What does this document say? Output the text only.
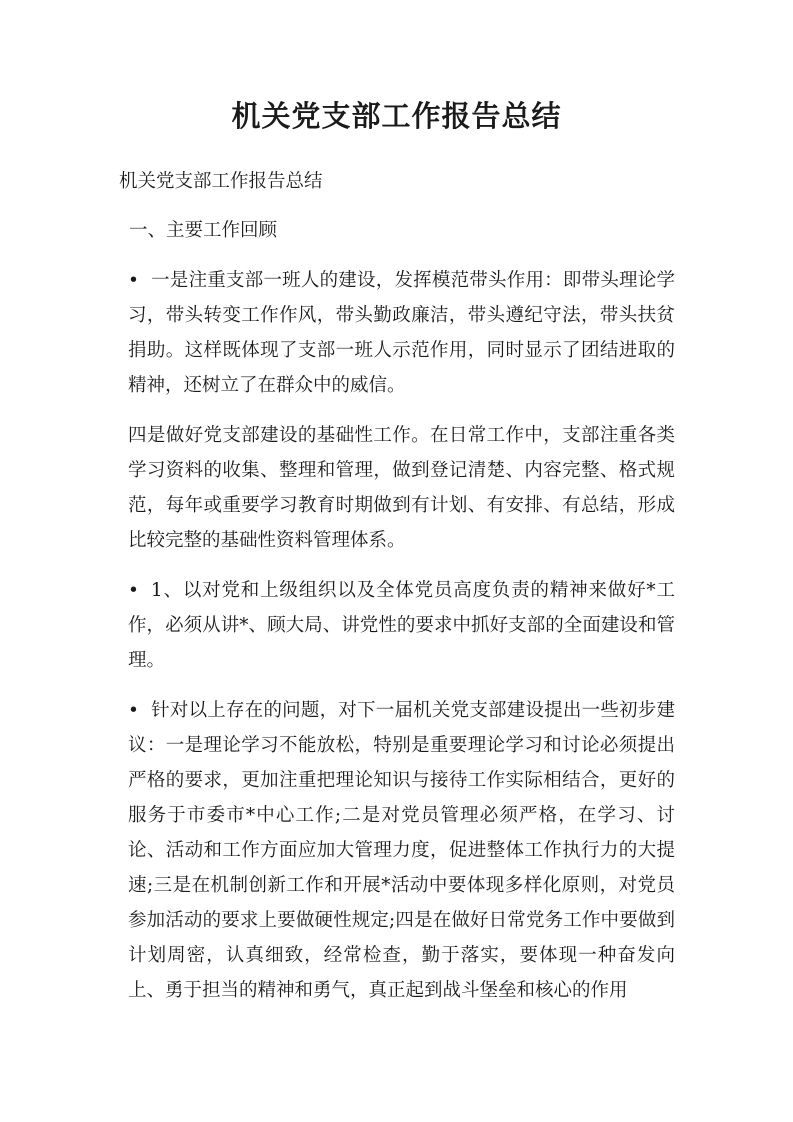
机关党支部工作报告总结

机关党支部工作报告总结

一、主要工作回顾

• 一是注重支部一班人的建设，发挥模范带头作用：即带头理论学习，带头转变工作作风，带头勤政廉洁，带头遵纪守法，带头扶贫捐助。这样既体现了支部一班人示范作用，同时显示了团结进取的精神，还树立了在群众中的威信。

四是做好党支部建设的基础性工作。在日常工作中，支部注重各类学习资料的收集、整理和管理，做到登记清楚、内容完整、格式规范，每年或重要学习教育时期做到有计划、有安排、有总结，形成比较完整的基础性资料管理体系。

• 1、以对党和上级组织以及全体党员高度负责的精神来做好*工作，必须从讲*、顾大局、讲党性的要求中抓好支部的全面建设和管理。

• 针对以上存在的问题，对下一届机关党支部建设提出一些初步建议：一是理论学习不能放松，特别是重要理论学习和讨论必须提出严格的要求，更加注重把理论知识与接待工作实际相结合，更好的服务于市委市*中心工作;二是对党员管理必须严格，在学习、讨论、活动和工作方面应加大管理力度，促进整体工作执行力的大提速;三是在机制创新工作和开展*活动中要体现多样化原则，对党员参加活动的要求上要做硬性规定;四是在做好日常党务工作中要做到计划周密，认真细致，经常检查，勤于落实，要体现一种奋发向上、勇于担当的精神和勇气，真正起到战斗堡垒和核心的作用
